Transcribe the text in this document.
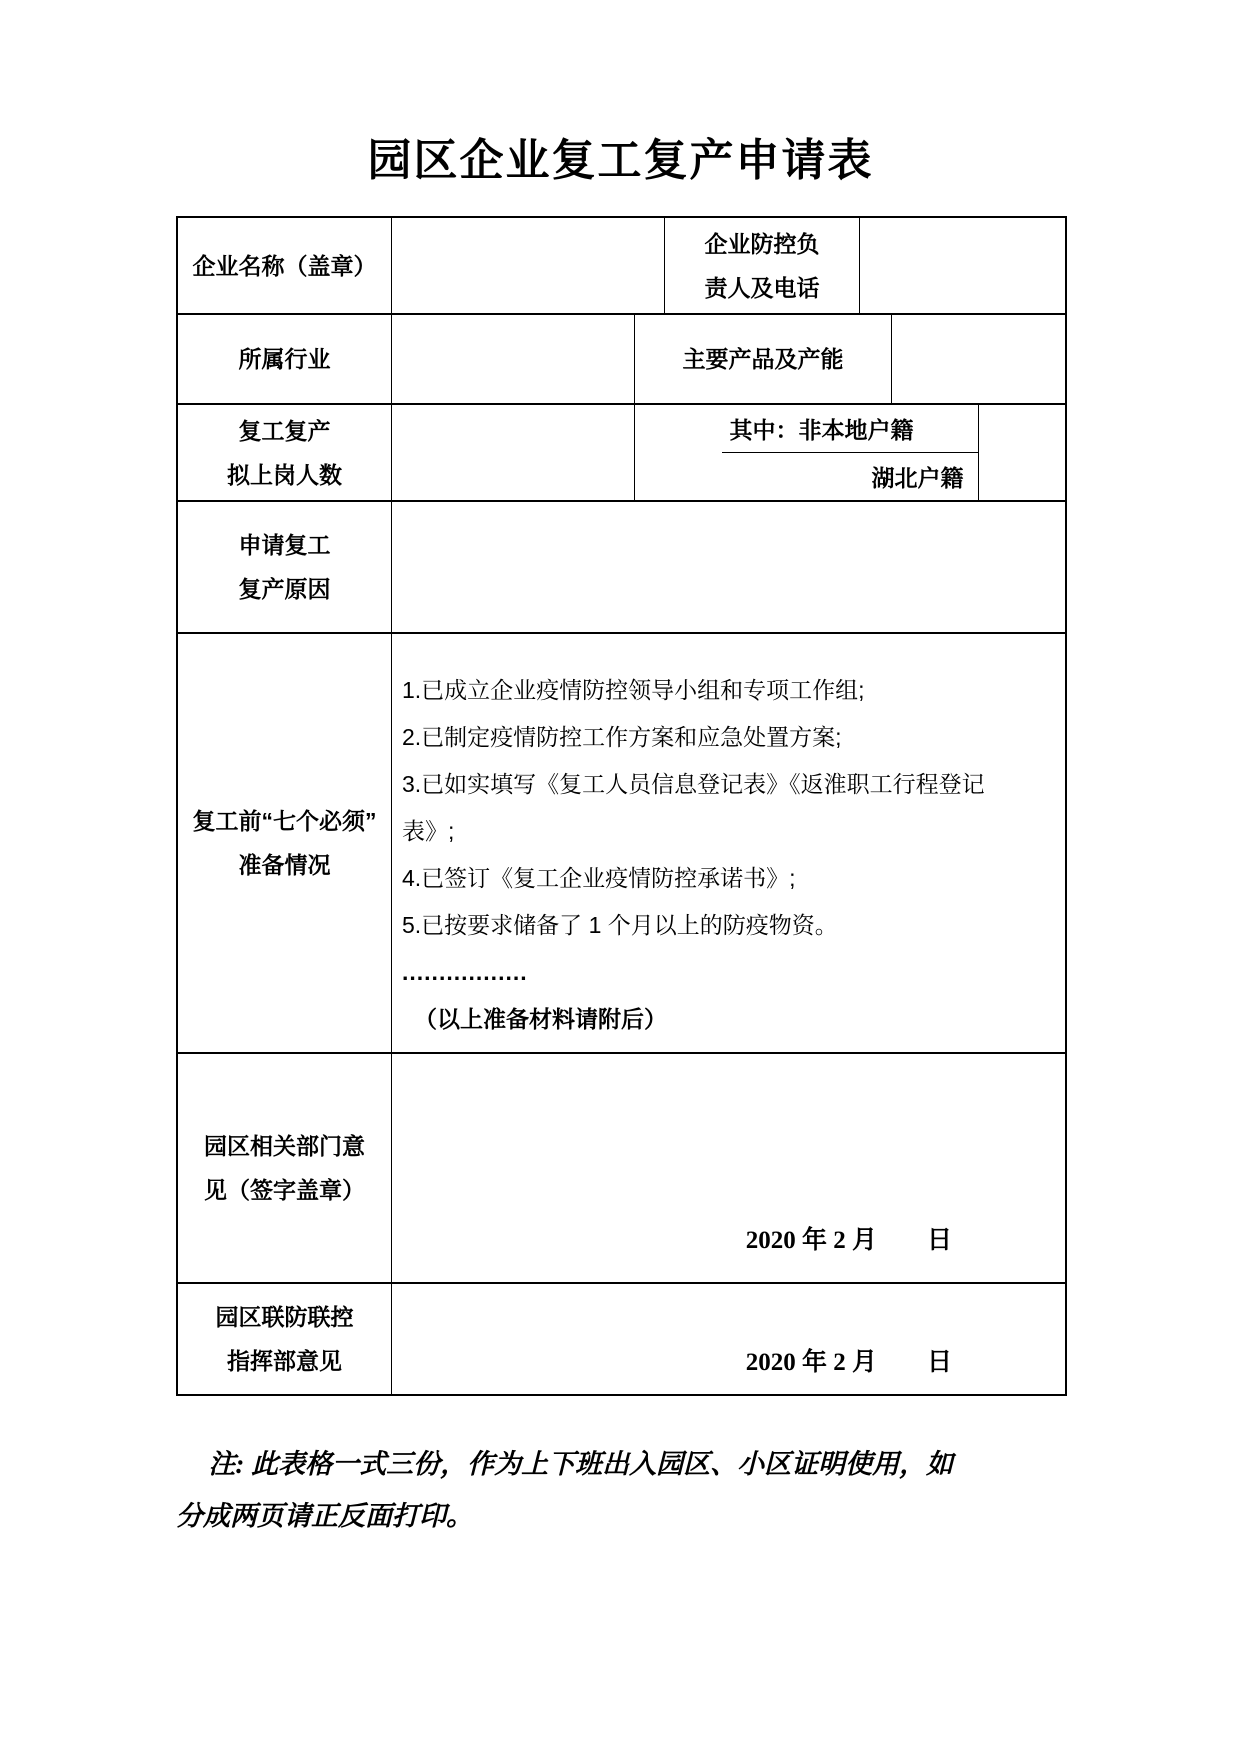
园区企业复工复产申请表
企业名称（盖章）
企业防控负
责人及电话
所属行业	主要产品及产能
复工复产
拟上岗人数
其中：非本地户籍
湖北户籍
申请复工
复产原因
复工前“七个必须”
准备情况
1.已成立企业疫情防控领导小组和专项工作组;
2.已制定疫情防控工作方案和应急处置方案;
3.已如实填写《复工人员信息登记表》《返淮职工行程登记表》;
4.已签订《复工企业疫情防控承诺书》;
5.已按要求储备了 1 个月以上的防疫物资。
.................
（以上准备材料请附后）
园区相关部门意
见（签字盖章）
2020 年 2 月　　日
园区联防联控
指挥部意见	2020 年 2 月　　日
注: 此表格一式三份，作为上下班出入园区、小区证明使用，如
分成两页请正反面打印。
